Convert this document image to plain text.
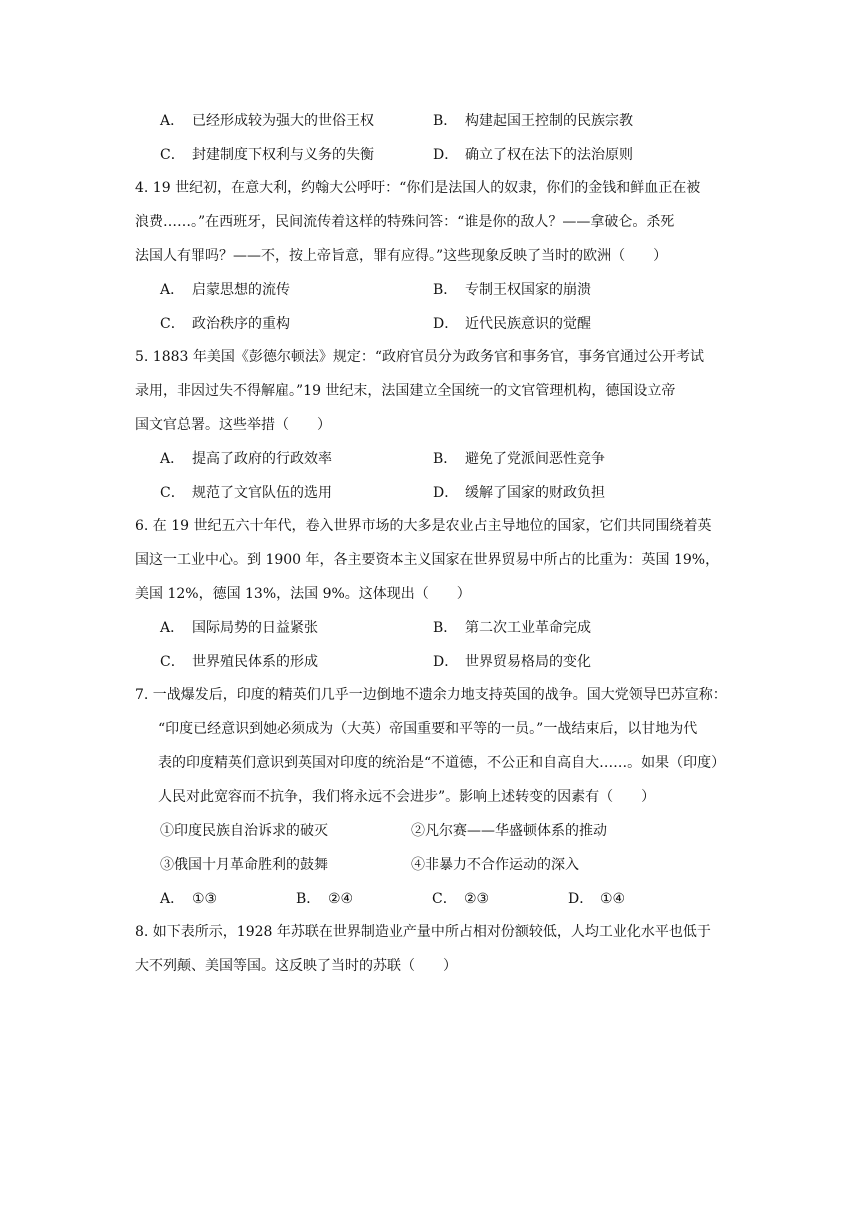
A． 已经形成较为强大的世俗王权	B． 构建起国王控制的民族宗教
C． 封建制度下权利与义务的失衡	D． 确立了权在法下的法治原则
4. 19 世纪初，在意大利，约翰大公呼吁：“你们是法国人的奴隶，你们的金钱和鲜血正在被
浪费……。”在西班牙，民间流传着这样的特殊问答：“谁是你的敌人？——拿破仑。杀死
法国人有罪吗？——不，按上帝旨意，罪有应得。”这些现象反映了当时的欧洲（　　）
A． 启蒙思想的流传	B． 专制王权国家的崩溃
C． 政治秩序的重构	D． 近代民族意识的觉醒
5. 1883 年美国《彭德尔顿法》规定：“政府官员分为政务官和事务官，事务官通过公开考试
录用，非因过失不得解雇。”19 世纪末，法国建立全国统一的文官管理机构，德国设立帝
国文官总署。这些举措（　　）
A． 提高了政府的行政效率	B． 避免了党派间恶性竞争
C． 规范了文官队伍的选用	D． 缓解了国家的财政负担
6. 在 19 世纪五六十年代，卷入世界市场的大多是农业占主导地位的国家，它们共同围绕着英
国这一工业中心。到 1900 年，各主要资本主义国家在世界贸易中所占的比重为：英国 19%，
美国 12%，德国 13%，法国 9%。这体现出（　　）
A． 国际局势的日益紧张	B． 第二次工业革命完成
C． 世界殖民体系的形成	D． 世界贸易格局的变化
7. 一战爆发后，印度的精英们几乎一边倒地不遗余力地支持英国的战争。国大党领导巴苏宣称：
“印度已经意识到她必须成为（大英）帝国重要和平等的一员。”一战结束后，以甘地为代
表的印度精英们意识到英国对印度的统治是“不道德，不公正和自高自大……。如果（印度）
人民对此宽容而不抗争，我们将永远不会进步”。影响上述转变的因素有（　　）
①印度民族自治诉求的破灭	②凡尔赛——华盛顿体系的推动
③俄国十月革命胜利的鼓舞	④非暴力不合作运动的深入
A． ①③	B． ②④	C． ②③	D． ①④
8. 如下表所示，1928 年苏联在世界制造业产量中所占相对份额较低，人均工业化水平也低于
大不列颠、美国等国。这反映了当时的苏联（　　）
